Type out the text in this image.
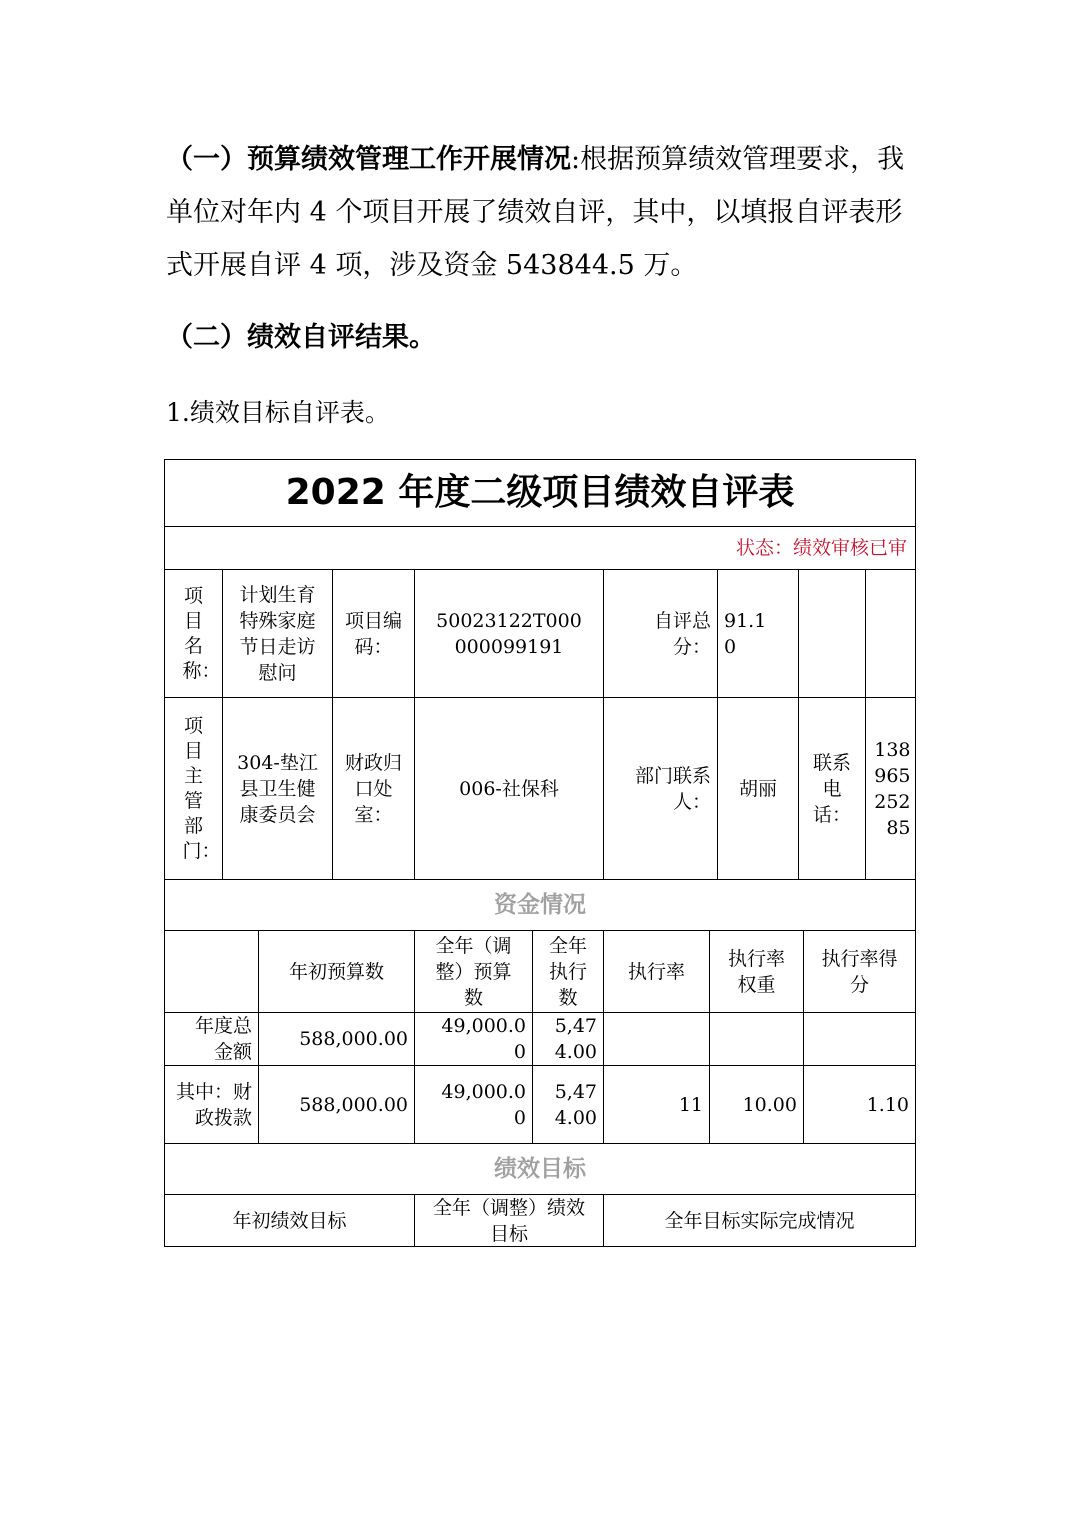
（一）预算绩效管理工作开展情况:根据预算绩效管理要求，我单位对年内 4 个项目开展了绩效自评，其中，以填报自评表形式开展自评 4 项，涉及资金 543844.5 万。
（二）绩效自评结果。
1.绩效目标自评表。
2022 年度二级项目绩效自评表
状态：绩效审核已审
项目名称：
计划生育特殊家庭节日走访慰问
项目编码：
50023122T000000099191
自评总分：
91.10
项目主管部门：
304-垫江县卫生健康委员会
财政归口处室：
006-社保科
部门联系人：
胡丽
联系电话：
13896525285
资金情况
年初预算数
全年（调整）预算数
全年执行数
执行率
执行率权重
执行率得分
年度总金额
588,000.00
49,000.00
5,474.00
其中：财政拨款
588,000.00
49,000.00
5,474.00
11	10.00	1.10
绩效目标
年初绩效目标
全年（调整）绩效目标
全年目标实际完成情况
